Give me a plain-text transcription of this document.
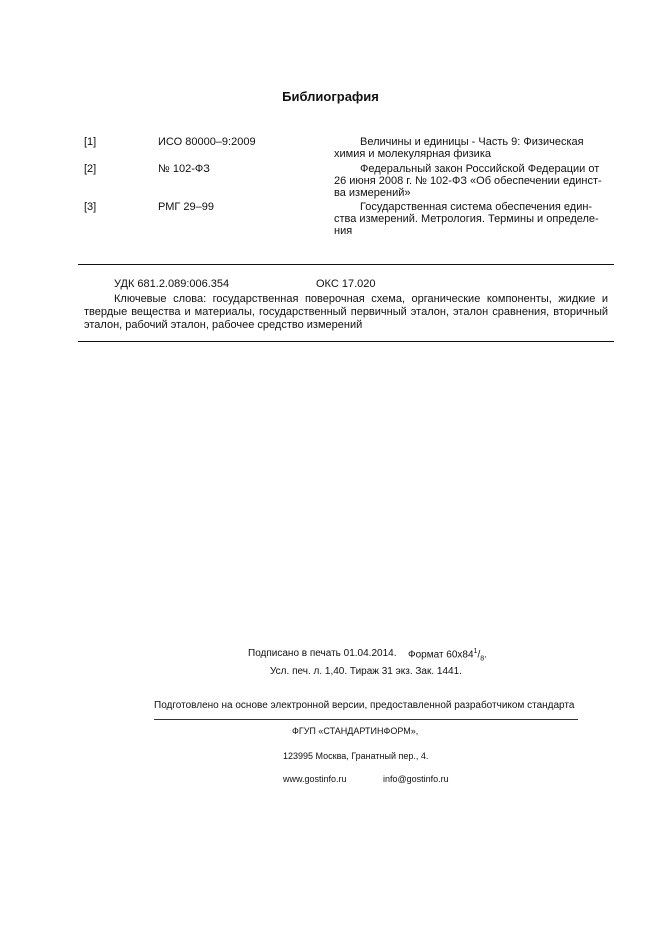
Библиография
[1]	ИСО 80000–9:2009	Величины и единицы - Часть 9: Физическая
химия и молекулярная физика
[2]	№ 102-ФЗ	Федеральный закон Российской Федерации от
26 июня 2008 г. № 102-ФЗ «Об обеспечении единст-
ва измерений»
[3]	РМГ 29–99	Государственная система обеспечения един-
ства измерений. Метрология. Термины и определе-
ния
УДК 681.2.089:006.354	ОКС 17.020
Ключевые слова: государственная поверочная схема, органические компоненты, жидкие и
твердые вещества и материалы, государственный первичный эталон, эталон сравнения, вторичный
эталон, рабочий эталон, рабочее средство измерений
Подписано в печать 01.04.2014. Формат $60x84^1/_8$.
Усл. печ. л. 1,40. Тираж 31 экз. Зак. 1441.
Подготовлено на основе электронной версии, предоставленной разработчиком стандарта
ФГУП «СТАНДАРТИНФОРМ»,
123995 Москва, Гранатный пер., 4.
www.gostinfo.ru	info@gostinfo.ru
